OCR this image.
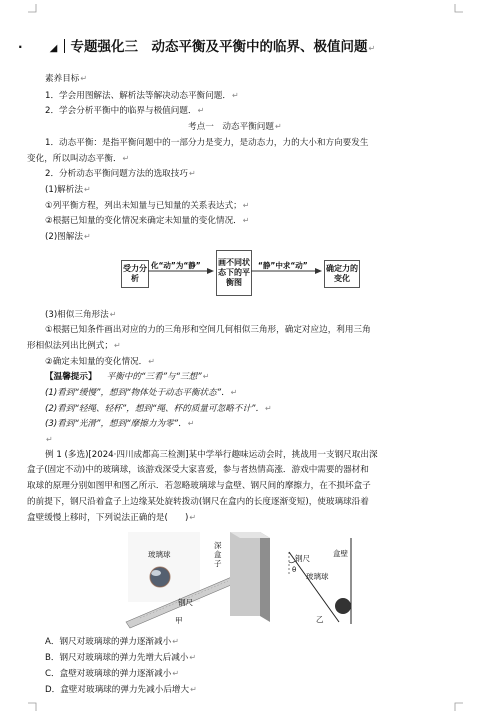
·	◢ 专题强化三　动态平衡及平衡中的临界、极值问题↵
素养目标↵
1．学会用图解法、解析法等解决动态平衡问题．↵
2．学会分析平衡中的临界与极值问题．↵
考点一　动态平衡问题↵
1．动态平衡：是指平衡问题中的一部分力是变力，是动态力，力的大小和方向要发生
变化，所以叫动态平衡．↵
2．分析动态平衡问题方法的选取技巧↵
(1)解析法↵
①列平衡方程，列出未知量与已知量的关系表达式；↵
②根据已知量的变化情况来确定未知量的变化情况．↵
(2)图解法↵
受力分析
化“动”为“静” 画不同状态下的平衡图
“静”中求“动” 确定力的变化
(3)相似三角形法↵
①根据已知条件画出对应的力的三角形和空间几何相似三角形，确定对应边，利用三角
形相似法列出比例式；↵
②确定未知量的变化情况．↵
【温馨提示】 平衡中的“三看”与“三想”↵
(1)看到“缓慢”，想到“物体处于动态平衡状态”．↵
(2)看到“轻绳、轻杯”，想到“绳、杯的质量可忽略不计”．↵
(3)看到“光滑”，想到“摩擦力为零”．↵
↵
例 1 (多选)[2024·四川成都高三检测]某中学举行趣味运动会时，挑战用一支钢尺取出深
盒子(固定不动)中的玻璃球，该游戏深受大家喜爱，参与者热情高涨．游戏中需要的器材和
取球的原理分别如图甲和图乙所示．若忽略玻璃球与盒壁、钢尺间的摩擦力，在不损坏盒子
的前提下，钢尺沿着盒子上边缘某处旋转拨动(钢尺在盒内的长度逐渐变短)，使玻璃球沿着
盒壁缓慢上移时，下列说法正确的是(　　)↵
玻璃球
深盒子
钢尺
甲
钢尺
盒壁
玻璃球
θ
乙
A．钢尺对玻璃球的弹力逐渐减小↵
B．钢尺对玻璃球的弹力先增大后减小↵
C．盒壁对玻璃球的弹力逐渐减小↵
D．盒壁对玻璃球的弹力先减小后增大↵
